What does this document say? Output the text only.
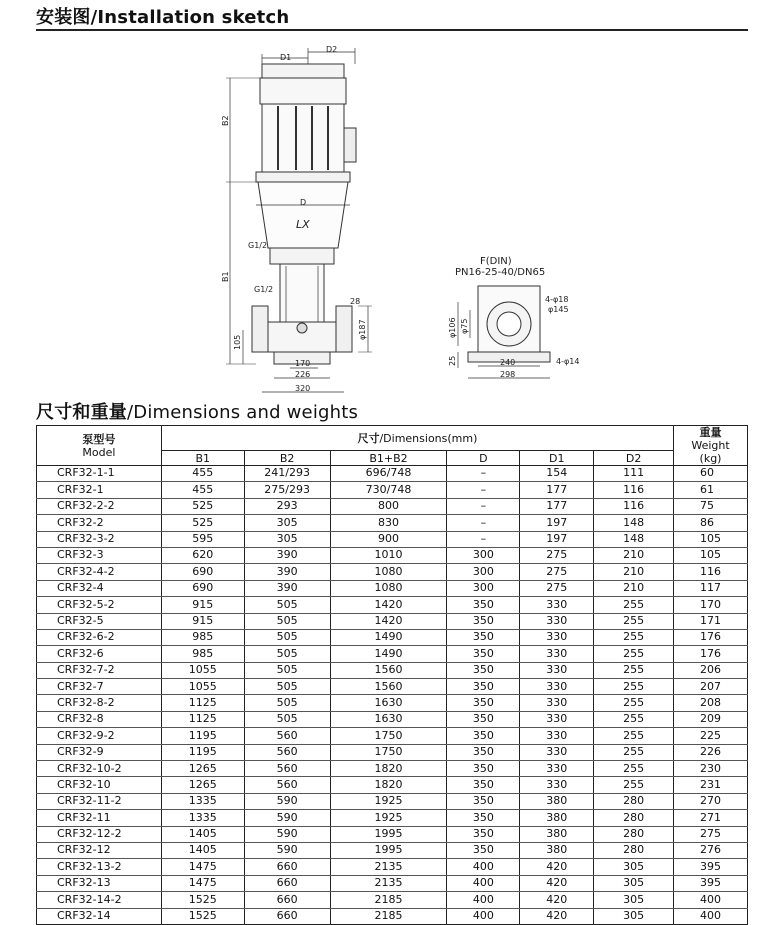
安装图/Installation sketch
D1
D2
B2
B1
D
LX
G1/2
G1/2
105
28
φ187
170
226
320
F(DIN)
PN16-25-40/DN65
4-φ18
φ145
φ106 φ75
25	240
298
4-φ14
尺寸和重量/Dimensions and weights
泵型号
Model	尺寸/Dimensions(mm)						重量
Weight
(kg)
	B1	B2	B1+B2	D	D1	D2	
CRF32-1-1	455	241/293	696/748	–	154	111	60
CRF32-1	455	275/293	730/748	–	177	116	61
CRF32-2-2	525	293	800	–	177	116	75
CRF32-2	525	305	830	–	197	148	86
CRF32-3-2	595	305	900	–	197	148	105
CRF32-3	620	390	1010	300	275	210	105
CRF32-4-2	690	390	1080	300	275	210	116
CRF32-4	690	390	1080	300	275	210	117
CRF32-5-2	915	505	1420	350	330	255	170
CRF32-5	915	505	1420	350	330	255	171
CRF32-6-2	985	505	1490	350	330	255	176
CRF32-6	985	505	1490	350	330	255	176
CRF32-7-2	1055	505	1560	350	330	255	206
CRF32-7	1055	505	1560	350	330	255	207
CRF32-8-2	1125	505	1630	350	330	255	208
CRF32-8	1125	505	1630	350	330	255	209
CRF32-9-2	1195	560	1750	350	330	255	225
CRF32-9	1195	560	1750	350	330	255	226
CRF32-10-2	1265	560	1820	350	330	255	230
CRF32-10	1265	560	1820	350	330	255	231
CRF32-11-2	1335	590	1925	350	380	280	270
CRF32-11	1335	590	1925	350	380	280	271
CRF32-12-2	1405	590	1995	350	380	280	275
CRF32-12	1405	590	1995	350	380	280	276
CRF32-13-2	1475	660	2135	400	420	305	395
CRF32-13	1475	660	2135	400	420	305	395
CRF32-14-2	1525	660	2185	400	420	305	400
CRF32-14	1525	660	2185	400	420	305	400
